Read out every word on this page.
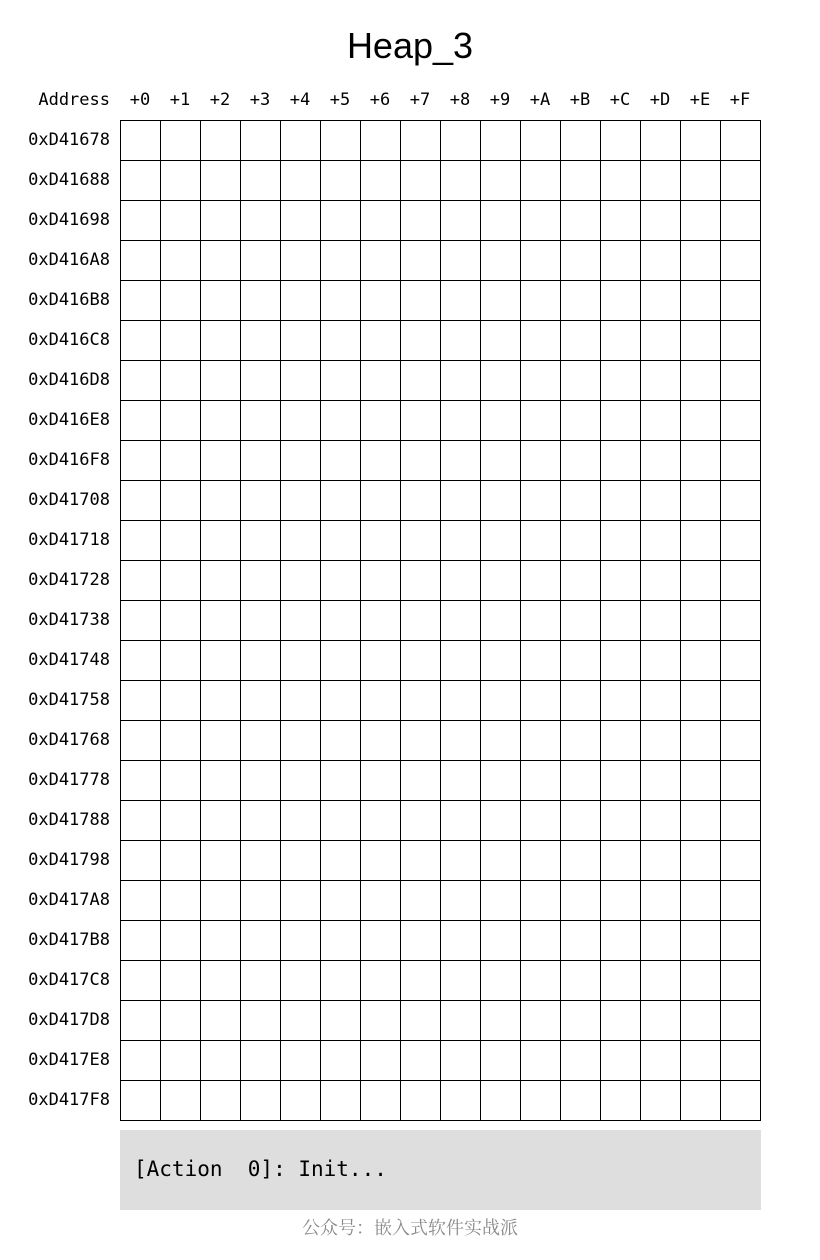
Heap_3
Address	+0	+1	+2	+3	+4	+5	+6	+7	+8	+9	+A	+B	+C	+D	+E	+F
0xD41678
0xD41688
0xD41698
0xD416A8
0xD416B8
0xD416C8
0xD416D8
0xD416E8
0xD416F8
0xD41708
0xD41718
0xD41728
0xD41738
0xD41748
0xD41758
0xD41768
0xD41778
0xD41788
0xD41798
0xD417A8
0xD417B8
0xD417C8
0xD417D8
0xD417E8
0xD417F8
[Action  0]: Init...
公众号：嵌入式软件实战派
